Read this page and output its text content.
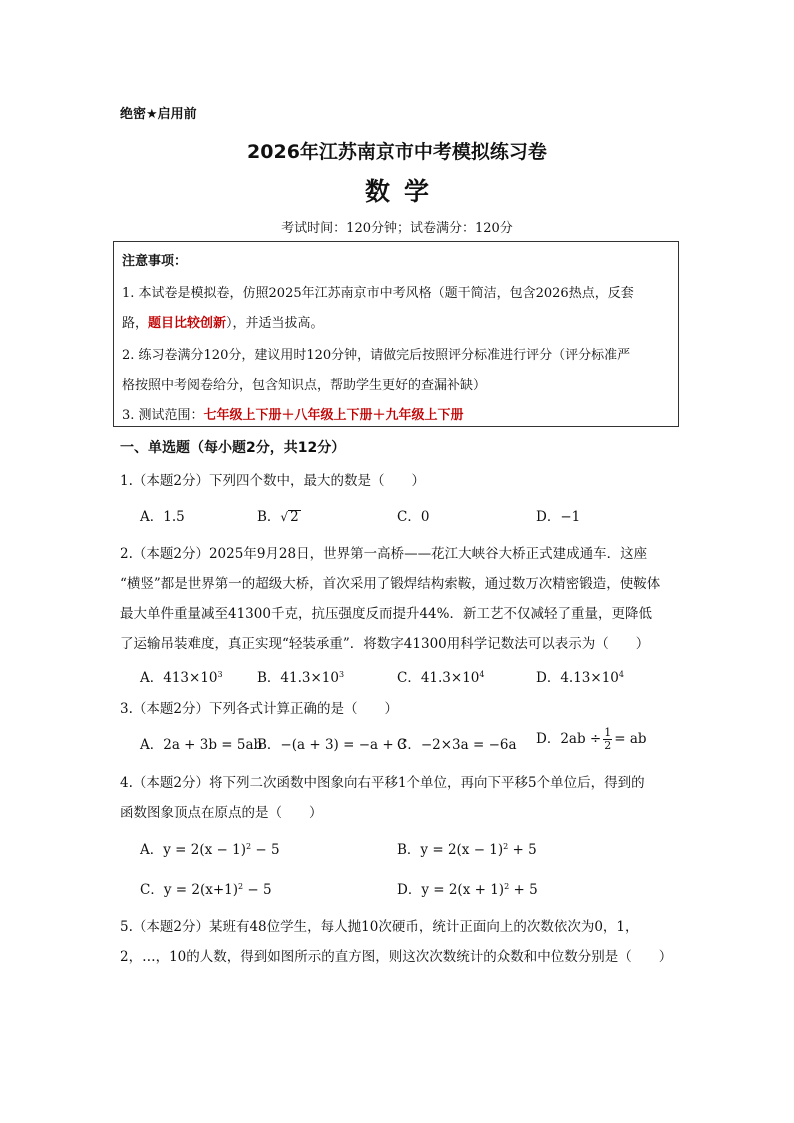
绝密★启用前
2026年江苏南京市中考模拟练习卷
数学
考试时间：120分钟；试卷满分：120分
注意事项：
1. 本试卷是模拟卷，仿照2025年江苏南京市中考风格（题干简洁，包含2026热点，反套
路，题目比较创新），并适当拔高。
2. 练习卷满分120分，建议用时120分钟，请做完后按照评分标准进行评分（评分标准严
格按照中考阅卷给分，包含知识点，帮助学生更好的查漏补缺）
3. 测试范围：七年级上下册＋八年级上下册＋九年级上下册
一、单选题（每小题2分，共12分）
1.（本题2分）下列四个数中，最大的数是（　　）
A．1.5	B．√ 2	C．0	D．−1
2.（本题2分）2025年9月28日，世界第一高桥——花江大峡谷大桥正式建成通车．这座
“横竖”都是世界第一的超级大桥，首次采用了锻焊结构索鞍，通过数万次精密锻造，使鞍体
最大单件重量减至41300千克，抗压强度反而提升44%．新工艺不仅减轻了重量，更降低
了运输吊装难度，真正实现“轻装承重”．将数字41300用科学记数法可以表示为（　　）
A．$413\times 10^3$	B．$41.3\times 10^3$	C．$41.3\times 10^4$	D．$4.13\times 10^4$
3.（本题2分）下列各式计算正确的是（　　）
A．2a + 3b = 5ab
B．−(a + 3) = −a + 3
C．−2×3a = −6a D．$2ab \div \frac{1}{2}$ = ab
4.（本题2分）将下列二次函数中图象向右平移1个单位，再向下平移5个单位后，得到的
函数图象顶点在原点的是（　　）
A．$y = 2(x - 1)^2 - 5$	B．$y = 2(x - 1)^2 + 5$
C．$y = 2(x+1)^2 - 5$	D．$y = 2(x + 1)^2 + 5$
5.（本题2分）某班有48位学生，每人抛10次硬币，统计正面向上的次数依次为0，1，
2，…，10的人数，得到如图所示的直方图，则这次次数统计的众数和中位数分别是（　　）
